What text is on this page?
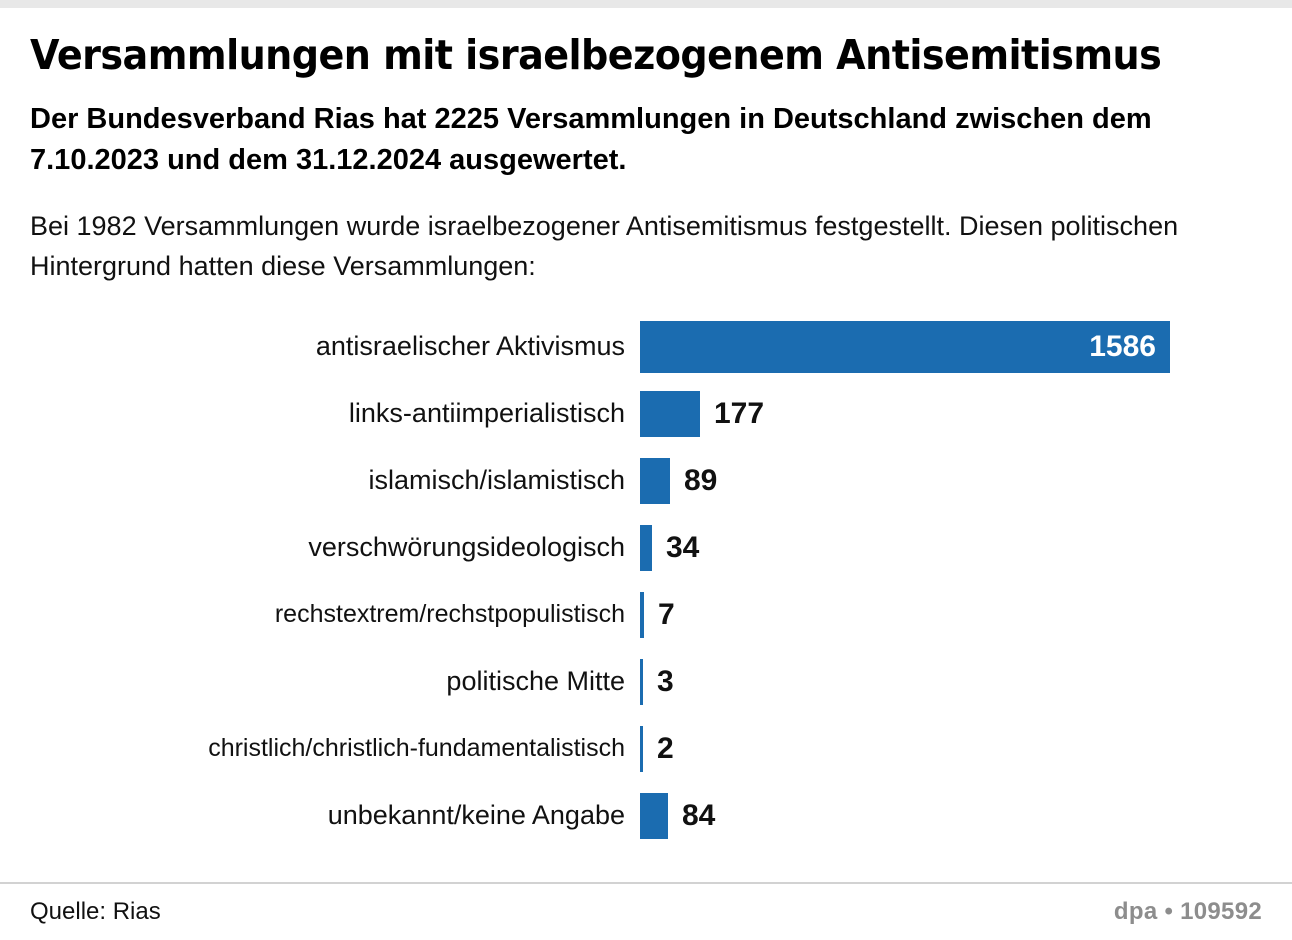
Versammlungen mit israelbezogenem Antisemitismus
Der Bundesverband Rias hat 2225 Versammlungen in Deutschland zwischen dem 7.10.2023 und dem 31.12.2024 ausgewertet.
Bei 1982 Versammlungen wurde israelbezogener Antisemitismus festgestellt. Diesen politischen Hintergrund hatten diese Versammlungen:
antisraelischer Aktivismus	1586
links-antiimperialistisch	177
islamisch/islamistisch	89
verschwörungsideologisch	34
rechstextrem/rechstpopulistisch	7
politische Mitte	3
christlich/christlich-fundamentalistisch	2
unbekannt/keine Angabe	84
Quelle: Rias	dpa • 109592
